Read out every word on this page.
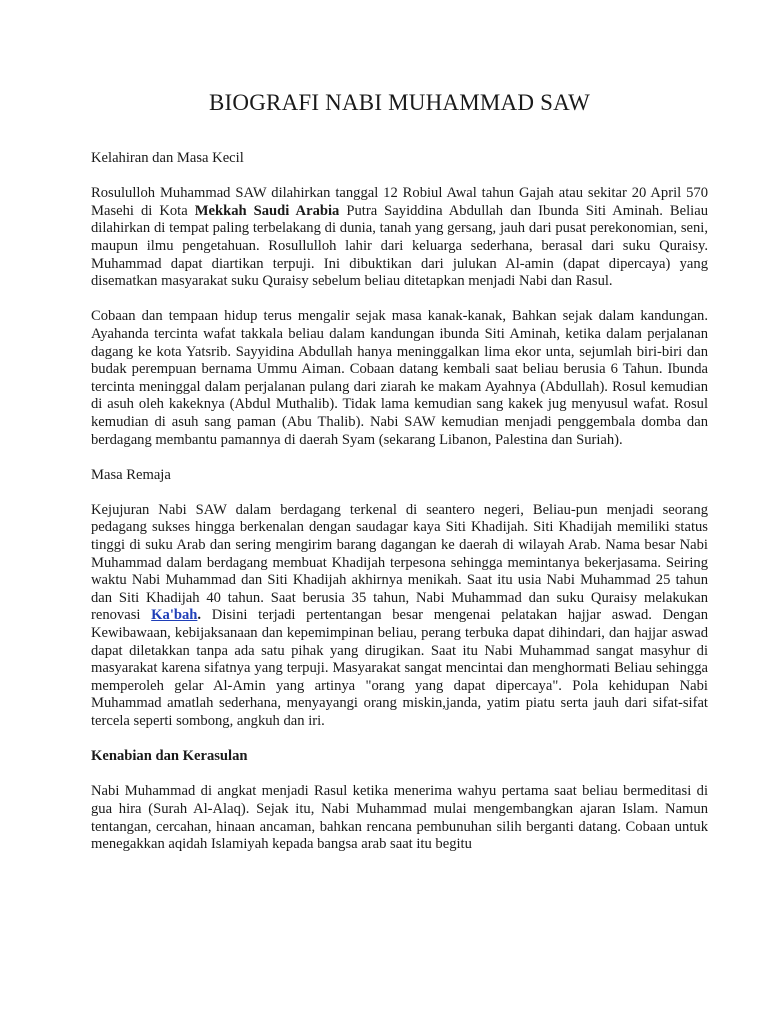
BIOGRAFI NABI MUHAMMAD SAW
Kelahiran dan Masa Kecil

Rosululloh Muhammad SAW dilahirkan tanggal 12 Robiul Awal tahun Gajah atau sekitar 20 April 570 Masehi di Kota Mekkah Saudi Arabia Putra Sayiddina Abdullah dan Ibunda Siti Aminah. Beliau dilahirkan di tempat paling terbelakang di dunia, tanah yang gersang, jauh dari pusat perekonomian, seni, maupun ilmu pengetahuan. Rosullulloh lahir dari keluarga sederhana, berasal dari suku Quraisy. Muhammad dapat diartikan terpuji. Ini dibuktikan dari julukan Al-amin (dapat dipercaya) yang disematkan masyarakat suku Quraisy sebelum beliau ditetapkan menjadi Nabi dan Rasul.

Cobaan dan tempaan hidup terus mengalir sejak masa kanak-kanak, Bahkan sejak dalam kandungan. Ayahanda tercinta wafat takkala beliau dalam kandungan ibunda Siti Aminah, ketika dalam perjalanan dagang ke kota Yatsrib. Sayyidina Abdullah hanya meninggalkan lima ekor unta, sejumlah biri-biri dan budak perempuan bernama Ummu Aiman. Cobaan datang kembali saat beliau berusia 6 Tahun. Ibunda tercinta meninggal dalam perjalanan pulang dari ziarah ke makam Ayahnya (Abdullah). Rosul kemudian di asuh oleh kakeknya (Abdul Muthalib). Tidak lama kemudian sang kakek jug menyusul wafat. Rosul kemudian di asuh sang paman (Abu Thalib). Nabi SAW kemudian menjadi penggembala domba dan berdagang membantu pamannya di daerah Syam (sekarang Libanon, Palestina dan Suriah).

Masa Remaja

Kejujuran Nabi SAW dalam berdagang terkenal di seantero negeri, Beliau-pun menjadi seorang pedagang sukses hingga berkenalan dengan saudagar kaya Siti Khadijah. Siti Khadijah memiliki status tinggi di suku Arab dan sering mengirim barang dagangan ke daerah di wilayah Arab. Nama besar Nabi Muhammad dalam berdagang membuat Khadijah terpesona sehingga memintanya bekerjasama. Seiring waktu Nabi Muhammad dan Siti Khadijah akhirnya menikah. Saat itu usia Nabi Muhammad 25 tahun dan Siti Khadijah 40 tahun. Saat berusia 35 tahun, Nabi Muhammad dan suku Quraisy melakukan renovasi Ka'bah. Disini terjadi pertentangan besar mengenai pelatakan hajjar aswad. Dengan Kewibawaan, kebijaksanaan dan kepemimpinan beliau, perang terbuka dapat dihindari, dan hajjar aswad dapat diletakkan tanpa ada satu pihak yang dirugikan. Saat itu Nabi Muhammad sangat masyhur di masyarakat karena sifatnya yang terpuji. Masyarakat sangat mencintai dan menghormati Beliau sehingga memperoleh gelar Al-Amin yang artinya "orang yang dapat dipercaya". Pola kehidupan Nabi Muhammad amatlah sederhana, menyayangi orang miskin,janda, yatim piatu serta jauh dari sifat-sifat tercela seperti sombong, angkuh dan iri.

Kenabian dan Kerasulan

Nabi Muhammad di angkat menjadi Rasul ketika menerima wahyu pertama saat beliau bermeditasi di gua hira (Surah Al-Alaq). Sejak itu, Nabi Muhammad mulai mengembangkan ajaran Islam. Namun tentangan, cercahan, hinaan ancaman, bahkan rencana pembunuhan silih berganti datang. Cobaan untuk menegakkan aqidah Islamiyah kepada bangsa arab saat itu begitu
